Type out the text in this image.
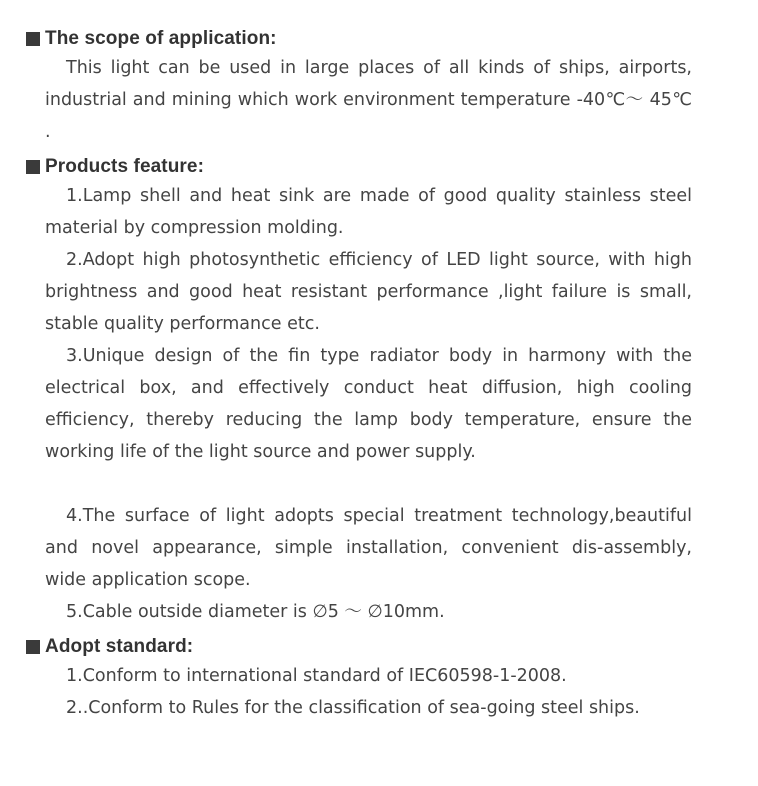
The scope of application:
This light can be used in large places of all kinds of ships, airports, industrial and mining which work environment temperature -40℃～ 45℃ .
Products feature:
1.Lamp shell and heat sink are made of good quality stainless steel material by compression molding.
2.Adopt high photosynthetic efficiency of LED light source, with high brightness and good heat resistant performance ,light failure is small, stable quality performance etc.
3.Unique design of the fin type radiator body in harmony with the electrical box, and effectively conduct heat diffusion, high cooling efficiency, thereby reducing the lamp body temperature, ensure the working life of the light source and power supply.
4.The surface of light adopts special treatment technology,beautiful and novel appearance, simple installation, convenient dis-assembly, wide application scope.
5.Cable outside diameter is ∅5 ～ ∅10mm.
Adopt standard:
1.Conform to international standard of IEC60598-1-2008.
2..Conform to Rules for the classification of sea-going steel ships.
